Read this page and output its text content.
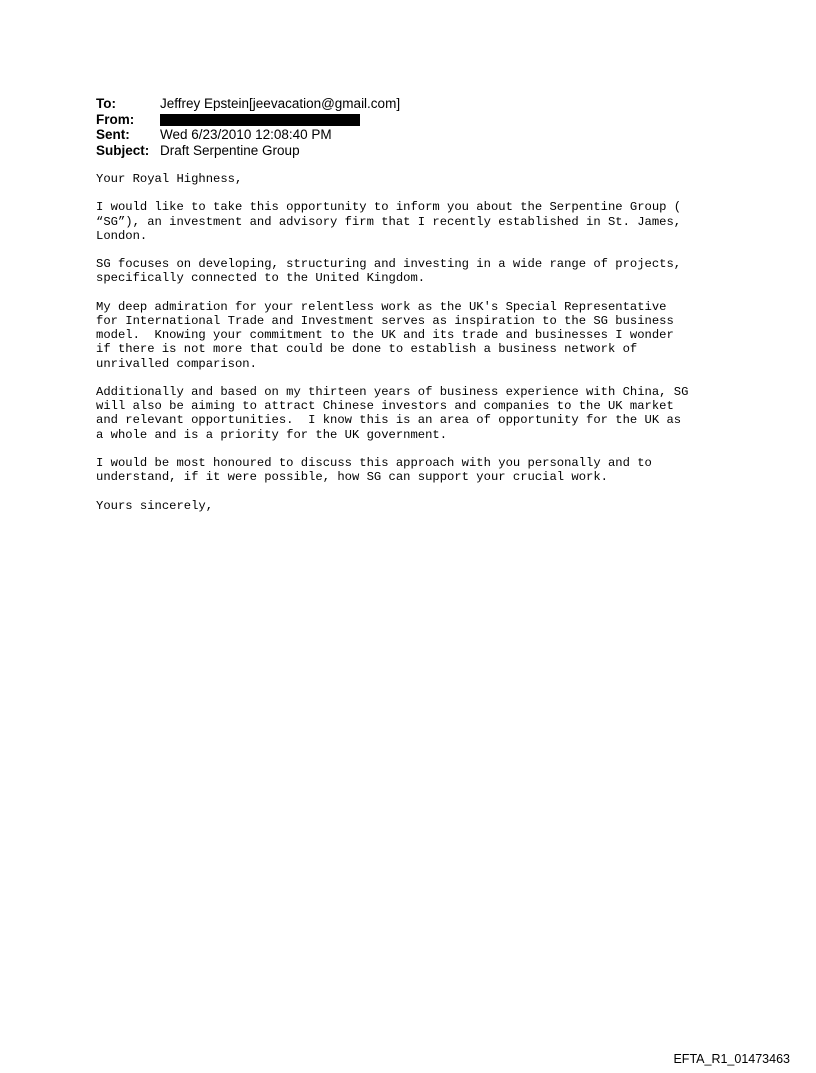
To:	Jeffrey Epstein[jeevacation@gmail.com]
From:
Sent:	Wed 6/23/2010 12:08:40 PM
Subject: Draft Serpentine Group

Your Royal Highness,

I would like to take this opportunity to inform you about the Serpentine Group (
“SG”), an investment and advisory firm that I recently established in St. James,
London.

SG focuses on developing, structuring and investing in a wide range of projects,
specifically connected to the United Kingdom.

My deep admiration for your relentless work as the UK's Special Representative
for International Trade and Investment serves as inspiration to the SG business
model.  Knowing your commitment to the UK and its trade and businesses I wonder
if there is not more that could be done to establish a business network of
unrivalled comparison.

Additionally and based on my thirteen years of business experience with China, SG
will also be aiming to attract Chinese investors and companies to the UK market
and relevant opportunities.  I know this is an area of opportunity for the UK as
a whole and is a priority for the UK government.

I would be most honoured to discuss this approach with you personally and to
understand, if it were possible, how SG can support your crucial work.

Yours sincerely,

EFTA_R1_01473463
